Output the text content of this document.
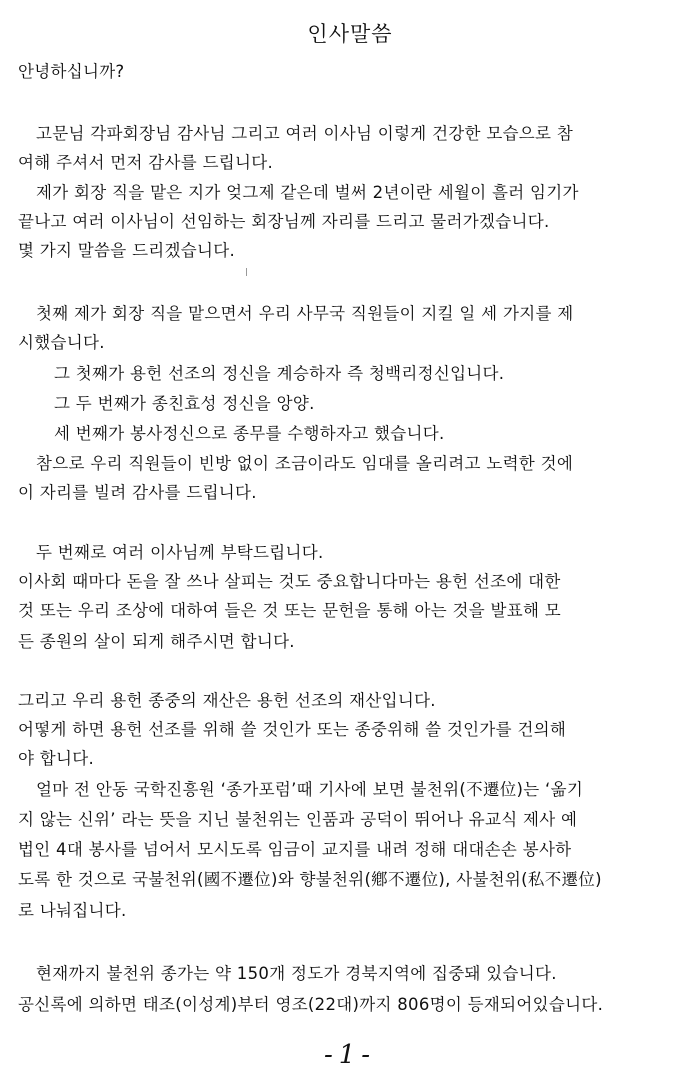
인사말씀
안녕하십니까?
고문님 각파회장님 감사님 그리고 여러 이사님 이렇게 건강한 모습으로 참
여해 주셔서 먼저 감사를 드립니다.
제가 회장 직을 맡은 지가 엊그제 같은데 벌써 2년이란 세월이 흘러 임기가
끝나고 여러 이사님이 선임하는 회장님께 자리를 드리고 물러가겠습니다.
몇 가지 말씀을 드리겠습니다.
첫째 제가 회장 직을 맡으면서 우리 사무국 직원들이 지킬 일 세 가지를 제
시했습니다.
그 첫째가 용헌 선조의 정신을 계승하자 즉 청백리정신입니다.
그 두 번째가 종친효성 정신을 앙양.
세 번째가 봉사정신으로 종무를 수행하자고 했습니다.
참으로 우리 직원들이 빈방 없이 조금이라도 임대를 올리려고 노력한 것에
이 자리를 빌려 감사를 드립니다.
두 번째로 여러 이사님께 부탁드립니다.
이사회 때마다 돈을 잘 쓰나 살피는 것도 중요합니다마는 용헌 선조에 대한
것 또는 우리 조상에 대하여 들은 것 또는 문헌을 통해 아는 것을 발표해 모
든 종원의 살이 되게 해주시면 합니다.
그리고 우리 용헌 종중의 재산은 용헌 선조의 재산입니다.
어떻게 하면 용헌 선조를 위해 쓸 것인가 또는 종중위해 쓸 것인가를 건의해
야 합니다.
얼마 전 안동 국학진흥원 ‘종가포럼’때 기사에 보면 불천위(不遷位)는 ‘옮기
지 않는 신위’ 라는 뜻을 지닌 불천위는 인품과 공덕이 뛰어나 유교식 제사 예
법인 4대 봉사를 넘어서 모시도록 임금이 교지를 내려 정해 대대손손 봉사하
도록 한 것으로 국불천위(國不遷位)와 향불천위(鄕不遷位), 사불천위(私不遷位)
로 나눠집니다.
현재까지 불천위 종가는 약 150개 정도가 경북지역에 집중돼 있습니다.
공신록에 의하면 태조(이성계)부터 영조(22대)까지 806명이 등재되어있습니다.
-1-
